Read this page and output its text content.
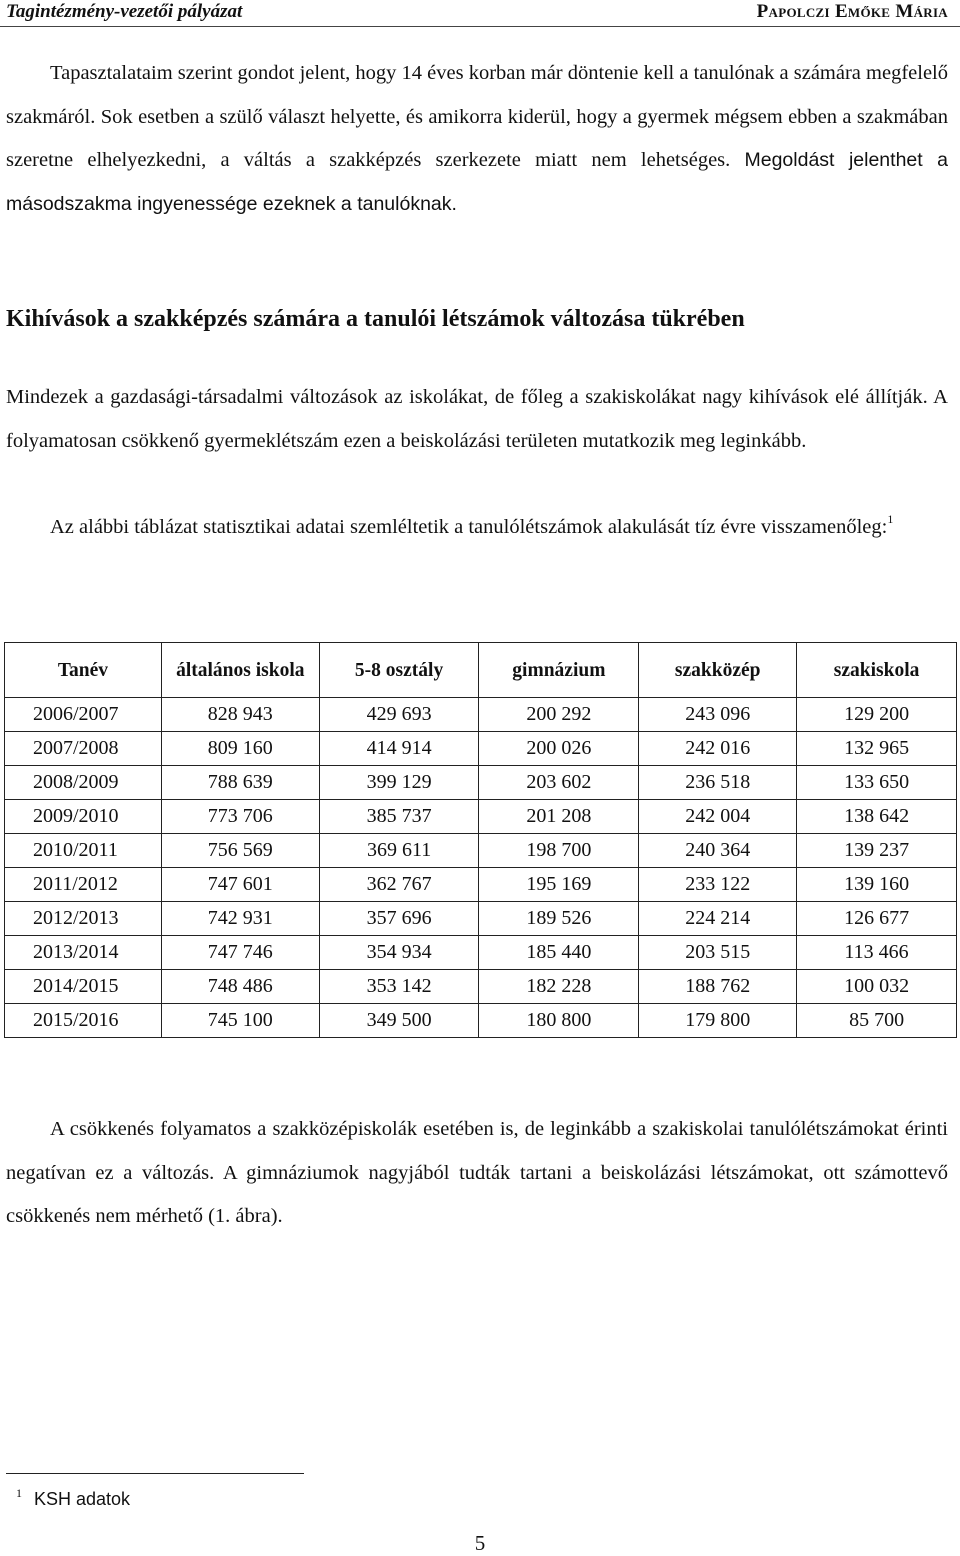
Tagintézmény-vezetői pályázat	Papolczi Emőke Mária
Tapasztalataim szerint gondot jelent, hogy 14 éves korban már döntenie kell a tanulónak a számára megfelelő szakmáról. Sok esetben a szülő választ helyette, és amikorra kiderül, hogy a gyermek mégsem ebben a szakmában szeretne elhelyezkedni, a váltás a szakképzés szerkezete miatt nem lehetséges. Megoldást jelenthet a másodszakma ingyenessége ezeknek a tanulóknak.
Kihívások a szakképzés számára a tanulói létszámok változása tükrében
Mindezek a gazdasági-társadalmi változások az iskolákat, de főleg a szakiskolákat nagy kihívások elé állítják. A folyamatosan csökkenő gyermeklétszám ezen a beiskolázási területen mutatkozik meg leginkább.
Az alábbi táblázat statisztikai adatai szemléltetik a tanulólétszámok alakulását tíz évre visszamenőleg:$^1$
Tanév	általános iskola	5-8 osztály	gimnázium	szakközép	szakiskola
2006/2007	828 943	429 693	200 292	243 096	129 200
2007/2008	809 160	414 914	200 026	242 016	132 965
2008/2009	788 639	399 129	203 602	236 518	133 650
2009/2010	773 706	385 737	201 208	242 004	138 642
2010/2011	756 569	369 611	198 700	240 364	139 237
2011/2012	747 601	362 767	195 169	233 122	139 160
2012/2013	742 931	357 696	189 526	224 214	126 677
2013/2014	747 746	354 934	185 440	203 515	113 466
2014/2015	748 486	353 142	182 228	188 762	100 032
2015/2016	745 100	349 500	180 800	179 800	85 700
A csökkenés folyamatos a szakközépiskolák esetében is, de leginkább a szakiskolai tanulólétszámokat érinti negatívan ez a változás. A gimnáziumok nagyjából tudták tartani a beiskolázási létszámokat, ott számottevő csökkenés nem mérhető (1. ábra).
$^1$ KSH adatok
5
